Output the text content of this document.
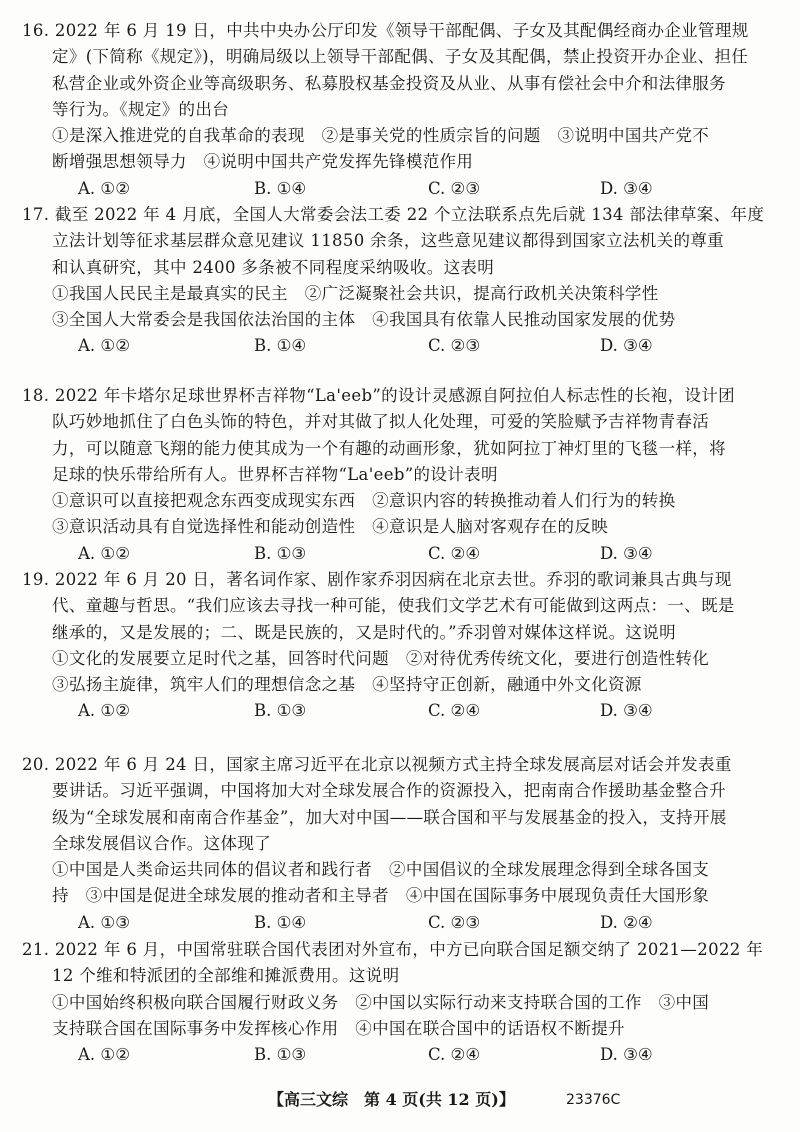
16. 2022 年 6 月 19 日，中共中央办公厅印发《领导干部配偶、子女及其配偶经商办企业管理规
定》(下简称《规定》)，明确局级以上领导干部配偶、子女及其配偶，禁止投资开办企业、担任
私营企业或外资企业等高级职务、私募股权基金投资及从业、从事有偿社会中介和法律服务
等行为。《规定》的出台
①是深入推进党的自我革命的表现　②是事关党的性质宗旨的问题　③说明中国共产党不
断增强思想领导力　④说明中国共产党发挥先锋模范作用
A. ①②	B. ①④	C. ②③	D. ③④
17. 截至 2022 年 4 月底，全国人大常委会法工委 22 个立法联系点先后就 134 部法律草案、年度
立法计划等征求基层群众意见建议 11850 余条，这些意见建议都得到国家立法机关的尊重
和认真研究，其中 2400 多条被不同程度采纳吸收。这表明
①我国人民民主是最真实的民主　②广泛凝聚社会共识，提高行政机关决策科学性
③全国人大常委会是我国依法治国的主体　④我国具有依靠人民推动国家发展的优势
A. ①②	B. ①④	C. ②③	D. ③④
18. 2022 年卡塔尔足球世界杯吉祥物“La'eeb”的设计灵感源自阿拉伯人标志性的长袍，设计团
队巧妙地抓住了白色头饰的特色，并对其做了拟人化处理，可爱的笑脸赋予吉祥物青春活
力，可以随意飞翔的能力使其成为一个有趣的动画形象，犹如阿拉丁神灯里的飞毯一样，将
足球的快乐带给所有人。世界杯吉祥物“La'eeb”的设计表明
①意识可以直接把观念东西变成现实东西　②意识内容的转换推动着人们行为的转换
③意识活动具有自觉选择性和能动创造性　④意识是人脑对客观存在的反映
A. ①②	B. ①③	C. ②④	D. ③④
19. 2022 年 6 月 20 日，著名词作家、剧作家乔羽因病在北京去世。乔羽的歌词兼具古典与现
代、童趣与哲思。“我们应该去寻找一种可能，使我们文学艺术有可能做到这两点：一、既是
继承的，又是发展的；二、既是民族的，又是时代的。”乔羽曾对媒体这样说。这说明
①文化的发展要立足时代之基，回答时代问题　②对待优秀传统文化，要进行创造性转化
③弘扬主旋律，筑牢人们的理想信念之基　④坚持守正创新，融通中外文化资源
A. ①②	B. ①③	C. ②④	D. ③④
20. 2022 年 6 月 24 日，国家主席习近平在北京以视频方式主持全球发展高层对话会并发表重
要讲话。习近平强调，中国将加大对全球发展合作的资源投入，把南南合作援助基金整合升
级为“全球发展和南南合作基金”，加大对中国——联合国和平与发展基金的投入，支持开展
全球发展倡议合作。这体现了
①中国是人类命运共同体的倡议者和践行者　②中国倡议的全球发展理念得到全球各国支
持　③中国是促进全球发展的推动者和主导者　④中国在国际事务中展现负责任大国形象
A. ①③	B. ①④	C. ②③	D. ②④
21. 2022 年 6 月，中国常驻联合国代表团对外宣布，中方已向联合国足额交纳了 2021—2022 年
12 个维和特派团的全部维和摊派费用。这说明
①中国始终积极向联合国履行财政义务　②中国以实际行动来支持联合国的工作　③中国
支持联合国在国际事务中发挥核心作用　④中国在联合国中的话语权不断提升
A. ①②	B. ①③	C. ②④	D. ③④
【高三文综　第 4 页(共 12 页)】	23376C
